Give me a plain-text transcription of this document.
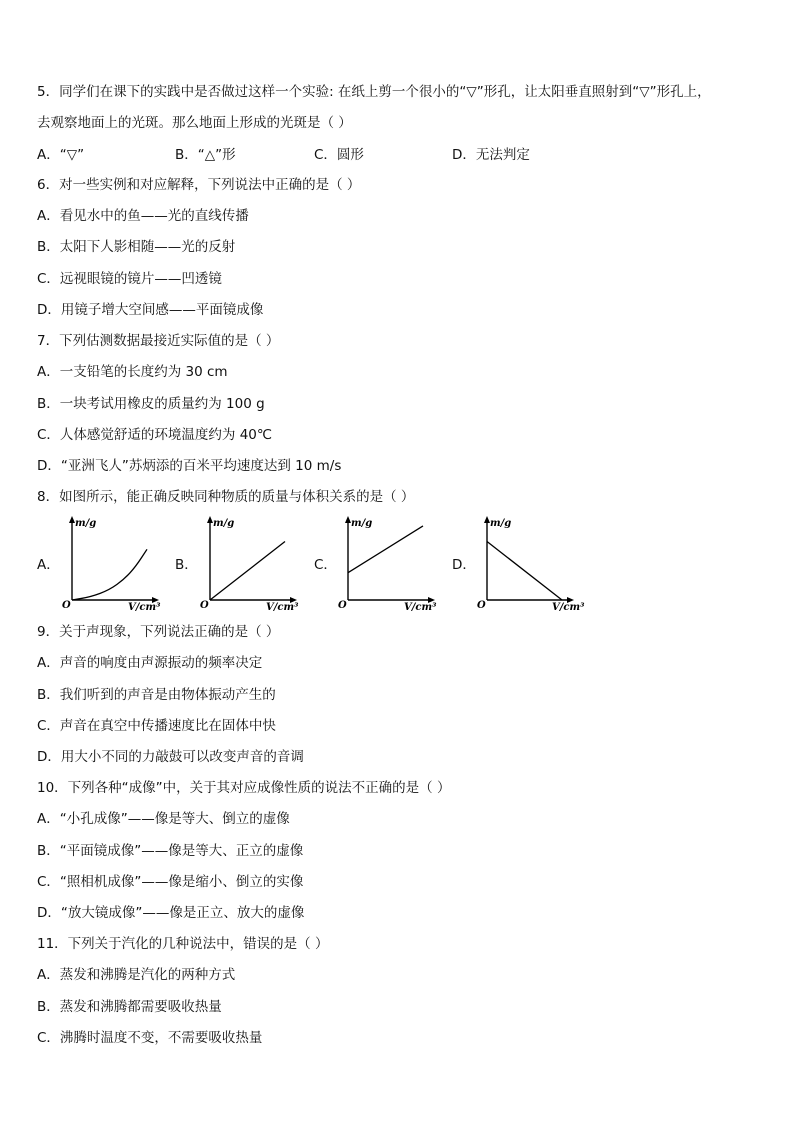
5．同学们在课下的实践中是否做过这样一个实验: 在纸上剪一个很小的“▽”形孔，让太阳垂直照射到“▽”形孔上，
去观察地面上的光斑。那么地面上形成的光斑是（ ）
A．“▽”	B．“△”形	C．圆形	D．无法判定
6．对一些实例和对应解释，下列说法中正确的是（ ）
A．看见水中的鱼——光的直线传播
B．太阳下人影相随——光的反射
C．远视眼镜的镜片——凹透镜
D．用镜子增大空间感——平面镜成像
7．下列估测数据最接近实际值的是（ ）
A．一支铅笔的长度约为 30 cm
B．一块考试用橡皮的质量约为 100 g
C．人体感觉舒适的环境温度约为 40℃
D．“亚洲飞人”苏炳添的百米平均速度达到 10 m/s
8．如图所示，能正确反映同种物质的质量与体积关系的是（ ）
A．	B．	C．	D．
m/g
V/cm³
O
m/g
V/cm³
O
m/g
V/cm³
O
m/g
V/cm³
O
9．关于声现象，下列说法正确的是（ ）
A．声音的响度由声源振动的频率决定
B．我们听到的声音是由物体振动产生的
C．声音在真空中传播速度比在固体中快
D．用大小不同的力敲鼓可以改变声音的音调
10．下列各种“成像”中，关于其对应成像性质的说法不正确的是（ ）
A．“小孔成像”——像是等大、倒立的虚像
B．“平面镜成像”——像是等大、正立的虚像
C．“照相机成像”——像是缩小、倒立的实像
D．“放大镜成像”——像是正立、放大的虚像
11．下列关于汽化的几种说法中，错误的是（ ）
A．蒸发和沸腾是汽化的两种方式
B．蒸发和沸腾都需要吸收热量
C．沸腾时温度不变，不需要吸收热量
